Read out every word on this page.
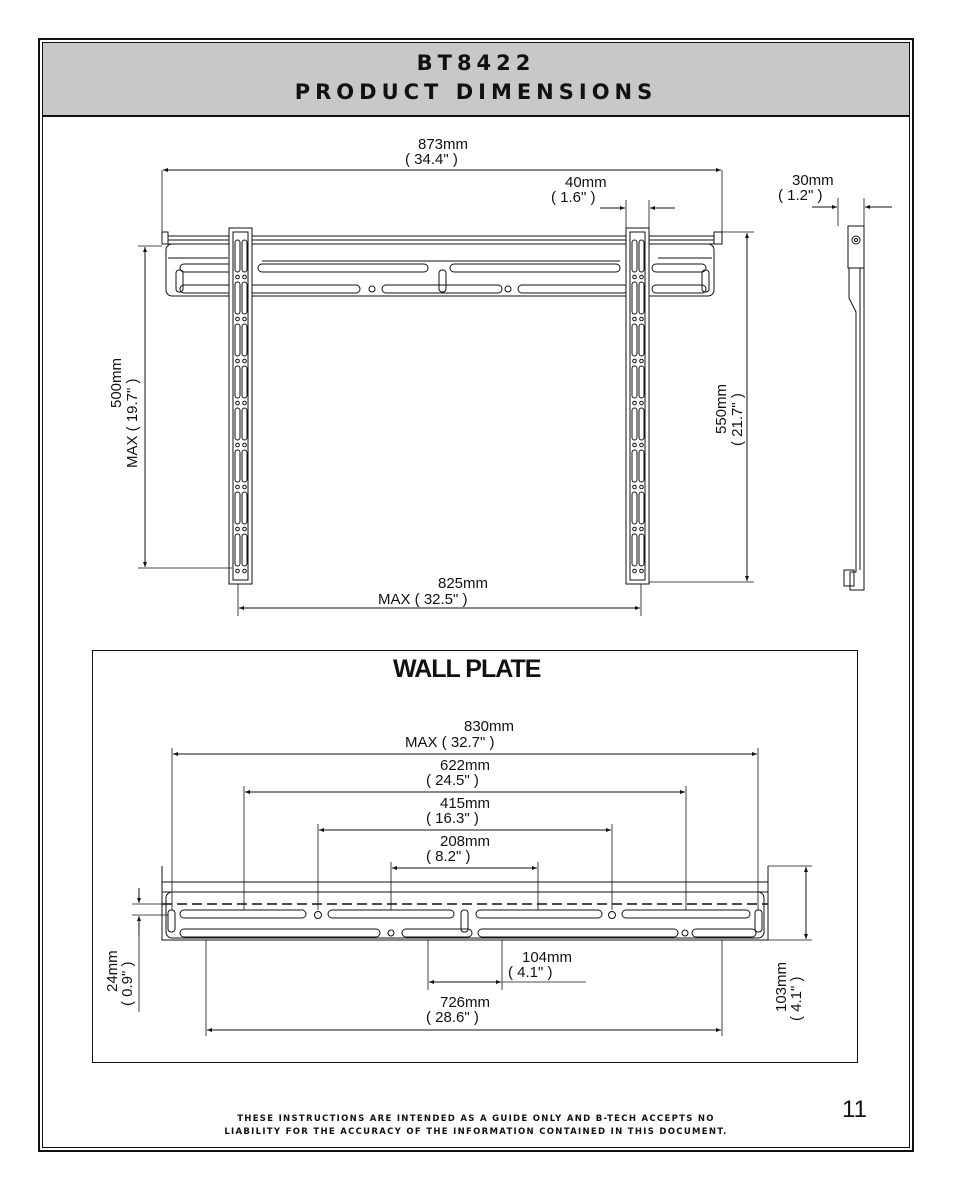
BT8422
PRODUCT DIMENSIONS
873mm
( 34.4" )
40mm
( 1.6" )
30mm
( 1.2" )
500mm MAX ( 19.7" )	550mm ( 21.7" )
825mm
MAX ( 32.5" )
WALL PLATE
830mm
MAX ( 32.7" )
622mm
( 24.5" )
415mm
( 16.3" )
208mm
( 8.2" )
104mm
( 4.1" )
726mm
( 28.6" )
24mm
( 0.9" )	103mm
( 4.1" )
11
THESE INSTRUCTIONS ARE INTENDED AS A GUIDE ONLY AND B-TECH ACCEPTS NO
LIABILITY FOR THE ACCURACY OF THE INFORMATION CONTAINED IN THIS DOCUMENT.
